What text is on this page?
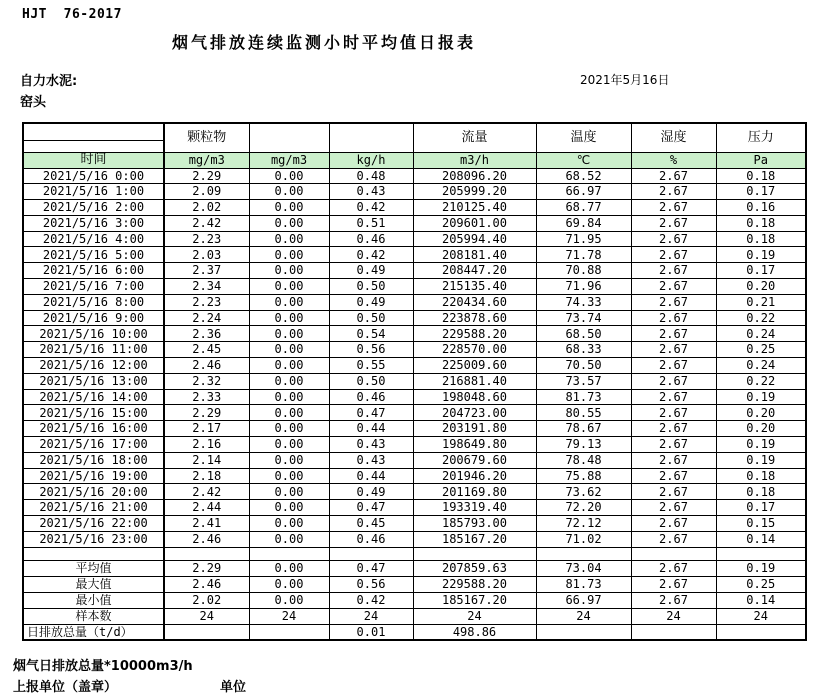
HJT  76-2017
烟气排放连续监测小时平均值日报表
自力水泥:
窑头
2021年5月16日
	颗粒物			流量	温度	湿度	压力

时间	mg/m3	mg/m3	kg/h	m3/h	℃	%	Pa
2021/5/16 0:00	2.29	0.00	0.48	208096.20	68.52	2.67	0.18
2021/5/16 1:00	2.09	0.00	0.43	205999.20	66.97	2.67	0.17
2021/5/16 2:00	2.02	0.00	0.42	210125.40	68.77	2.67	0.16
2021/5/16 3:00	2.42	0.00	0.51	209601.00	69.84	2.67	0.18
2021/5/16 4:00	2.23	0.00	0.46	205994.40	71.95	2.67	0.18
2021/5/16 5:00	2.03	0.00	0.42	208181.40	71.78	2.67	0.19
2021/5/16 6:00	2.37	0.00	0.49	208447.20	70.88	2.67	0.17
2021/5/16 7:00	2.34	0.00	0.50	215135.40	71.96	2.67	0.20
2021/5/16 8:00	2.23	0.00	0.49	220434.60	74.33	2.67	0.21
2021/5/16 9:00	2.24	0.00	0.50	223878.60	73.74	2.67	0.22
2021/5/16 10:00	2.36	0.00	0.54	229588.20	68.50	2.67	0.24
2021/5/16 11:00	2.45	0.00	0.56	228570.00	68.33	2.67	0.25
2021/5/16 12:00	2.46	0.00	0.55	225009.60	70.50	2.67	0.24
2021/5/16 13:00	2.32	0.00	0.50	216881.40	73.57	2.67	0.22
2021/5/16 14:00	2.33	0.00	0.46	198048.60	81.73	2.67	0.19
2021/5/16 15:00	2.29	0.00	0.47	204723.00	80.55	2.67	0.20
2021/5/16 16:00	2.17	0.00	0.44	203191.80	78.67	2.67	0.20
2021/5/16 17:00	2.16	0.00	0.43	198649.80	79.13	2.67	0.19
2021/5/16 18:00	2.14	0.00	0.43	200679.60	78.48	2.67	0.19
2021/5/16 19:00	2.18	0.00	0.44	201946.20	75.88	2.67	0.18
2021/5/16 20:00	2.42	0.00	0.49	201169.80	73.62	2.67	0.18
2021/5/16 21:00	2.44	0.00	0.47	193319.40	72.20	2.67	0.17
2021/5/16 22:00	2.41	0.00	0.45	185793.00	72.12	2.67	0.15
2021/5/16 23:00	2.46	0.00	0.46	185167.20	71.02	2.67	0.14

平均值	2.29	0.00	0.47	207859.63	73.04	2.67	0.19
最大值	2.46	0.00	0.56	229588.20	81.73	2.67	0.25
最小值	2.02	0.00	0.42	185167.20	66.97	2.67	0.14
样本数	24	24	24	24	24	24	24
日排放总量（t/d）			0.01	498.86			
烟气日排放总量*10000m3/h
上报单位（盖章）	单位
